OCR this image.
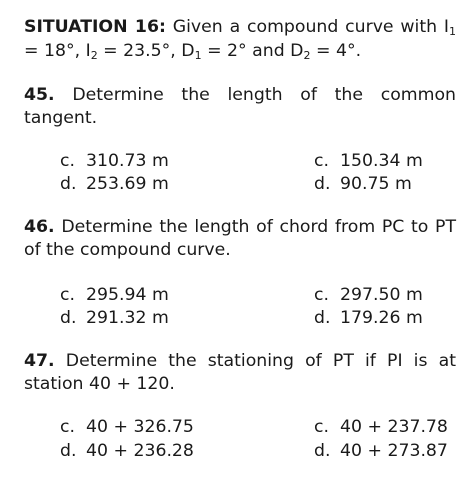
SITUATION 16: Given a compound curve with I1 = 18°, I2 = 23.5°, D1 = 2° and D2 = 4°.
45. Determine the length of the common tangent.
c. 310.73 m	c. 150.34 m
d. 253.69 m	d. 90.75 m
46. Determine the length of chord from PC to PT of the compound curve.
c. 295.94 m	c. 297.50 m
d. 291.32 m	d. 179.26 m
47. Determine the stationing of PT if PI is at station 40 + 120.
c. 40 + 326.75	c. 40 + 237.78
d. 40 + 236.28	d. 40 + 273.87
